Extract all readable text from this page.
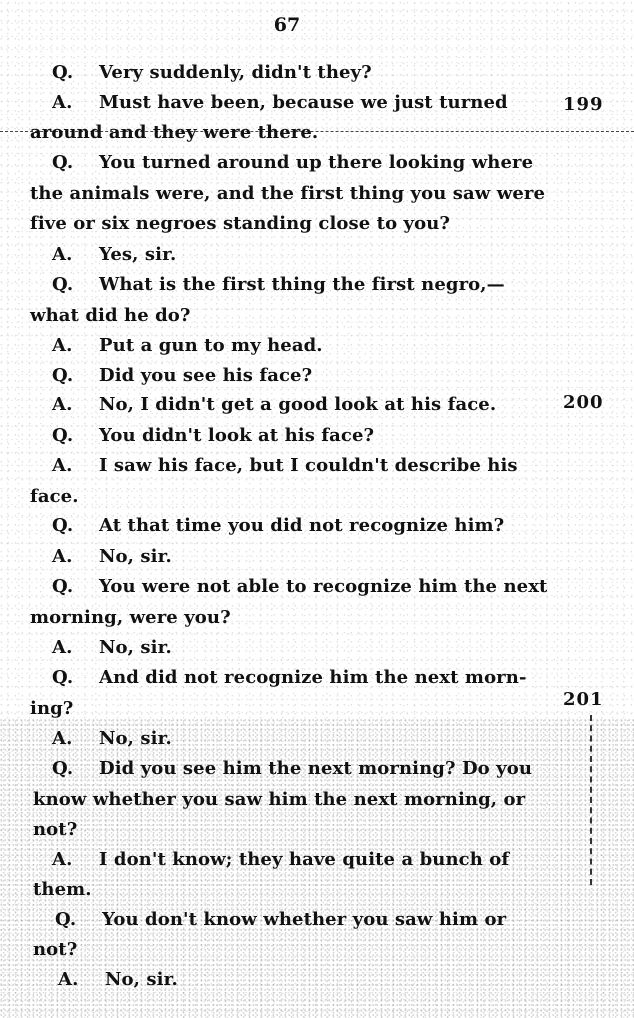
67
Q. Very suddenly, didn't they?
A. Must have been, because we just turned
around and they were there.
Q. You turned around up there looking where
the animals were, and the first thing you saw were
five or six negroes standing close to you?
A. Yes, sir.
Q. What is the first thing the first negro,—
what did he do?
A. Put a gun to my head.
Q. Did you see his face?
A. No, I didn't get a good look at his face.
Q. You didn't look at his face?
A. I saw his face, but I couldn't describe his
face.
Q. At that time you did not recognize him?
A. No, sir.
Q. You were not able to recognize him the next
morning, were you?
A. No, sir.
Q. And did not recognize him the next morn-
ing?
A. No, sir.
Q. Did you see him the next morning? Do you
know whether you saw him the next morning, or
not?
A. I don't know; they have quite a bunch of
them.
Q. You don't know whether you saw him or
not?
A. No, sir.
199
200
201
